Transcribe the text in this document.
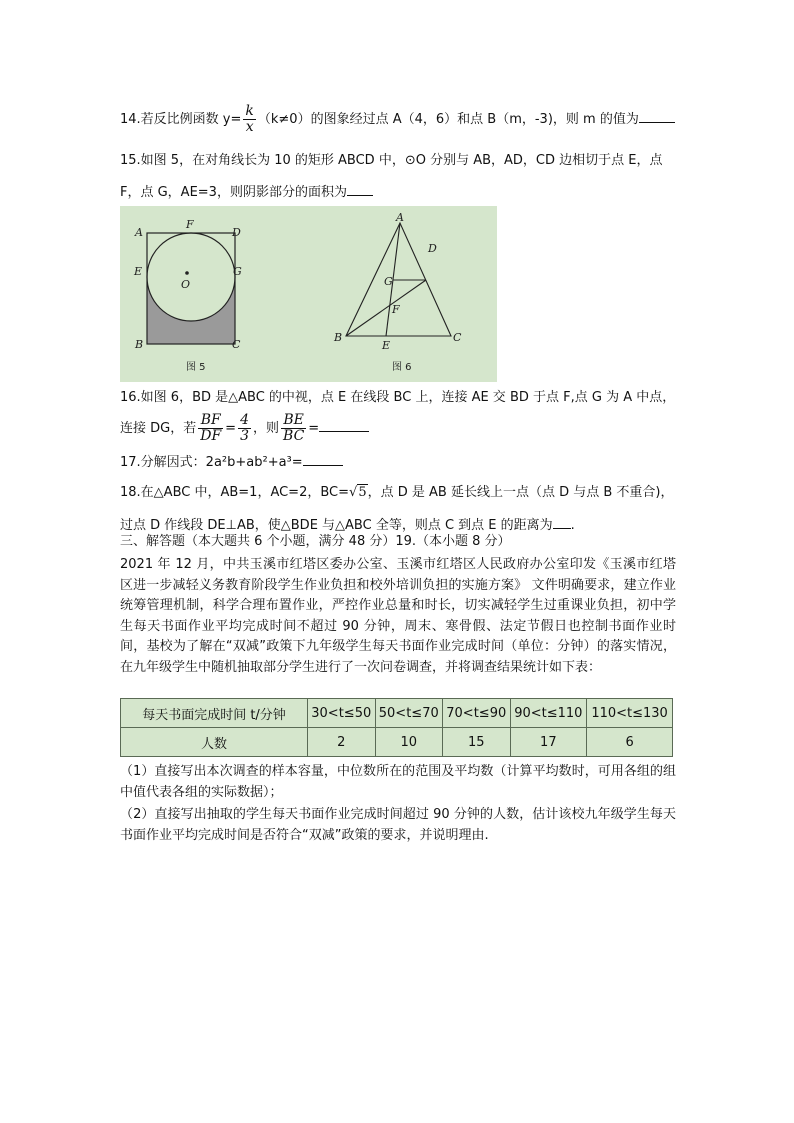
14.若反比例函数 $y= \frac{k}{x} (k\ne 0)$的图象经过点 A（4，6）和点 B（m，-3)，则 m 的值为
15.如图 5，在对角线长为 10 的矩形 ABCD 中，⊙O 分别与 AB，AD，CD 边相切于点 E，点
F，点 G，AE=3，则阴影部分的面积为
A
F
D
E	G
O
B	C
图 5
A
G
D
F
B
E
C
图 6
16.如图 6，BD 是△ABC 的中视，点 E 在线段 BC 上，连接 AE 交 BD 于点 F,点 G 为 A 中点，
连接 DG，若 $\frac{BF}{DF} = \frac{4}{3}$ ，则 $\frac{BE}{BC}$ =
17.分解因式：2a²b+ab²+a³=
18.在△ABC 中，AB=1，AC=2，BC=√5，点 D 是 AB 延长线上一点（点 D 与点 B 不重合)，
过点 D 作线段 DE⊥AB，使△BDE 与△ABC 全等，则点 C 到点 E 的距离为 .
三、解答题（本大题共 6 个小题，满分 48 分）19.（本小题 8 分）
2021 年 12 月，中共玉溪市红塔区委办公室、玉溪市红塔区人民政府办公室印发《玉溪市红塔区进一步减轻义务教育阶段学生作业负担和校外培训负担的实施方案》 文件明确要求，建立作业统筹管理机制，科学合理布置作业，严控作业总量和时长，切实减轻学生过重课业负担，初中学生每天书面作业平均完成时间不超过 90 分钟，周末、寒骨假、法定节假日也控制书面作业时间，基校为了解在“双减”政策下九年级学生每天书面作业完成时间（单位：分钟）的落实情况，在九年级学生中随机抽取部分学生进行了一次问卷调查，并将调查结果统计如下表：
每天书面完成时间 t/分钟	30<t≤50	50<t≤70	70<t≤90	90<t≤110	110<t≤130
人数	2	10	15	17	6
（1）直接写出本次调查的样本容量，中位数所在的范围及平均数（计算平均数时，可用各组的组中值代表各组的实际数据）；
（2）直接写出抽取的学生每天书面作业完成时间超过 90 分钟的人数，估计该校九年级学生每天书面作业平均完成时间是否符合“双减”政策的要求，并说明理由.
